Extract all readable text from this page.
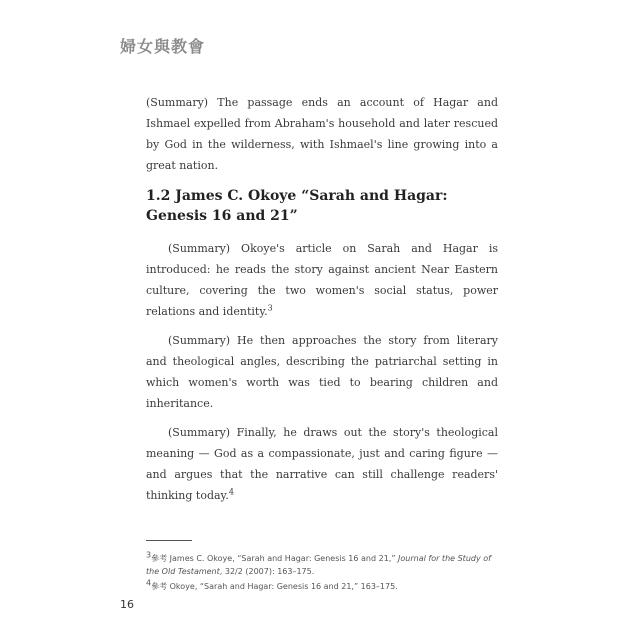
婦女與教會

(Summary) The passage ends an account of Hagar and Ishmael expelled from Abraham's household and later rescued by God in the wilderness, with Ishmael's line growing into a great nation.

1.2 James C. Okoye “Sarah and Hagar: Genesis 16 and 21”

(Summary) Okoye's article on Sarah and Hagar is introduced: he reads the story against ancient Near Eastern culture, covering the two women's social status, power relations and identity.$^3$

(Summary) He then approaches the story from literary and theological angles, describing the patriarchal setting in which women's worth was tied to bearing children and inheritance.

(Summary) Finally, he draws out the story's theological meaning — God as a compassionate, just and caring figure — and argues that the narrative can still challenge readers' thinking today.$^4$

3參考 James C. Okoye, “Sarah and Hagar: Genesis 16 and 21,” Journal for the Study of the Old Testament, 32/2 (2007): 163–175.

4參考 Okoye, “Sarah and Hagar: Genesis 16 and 21,” 163–175.

16
